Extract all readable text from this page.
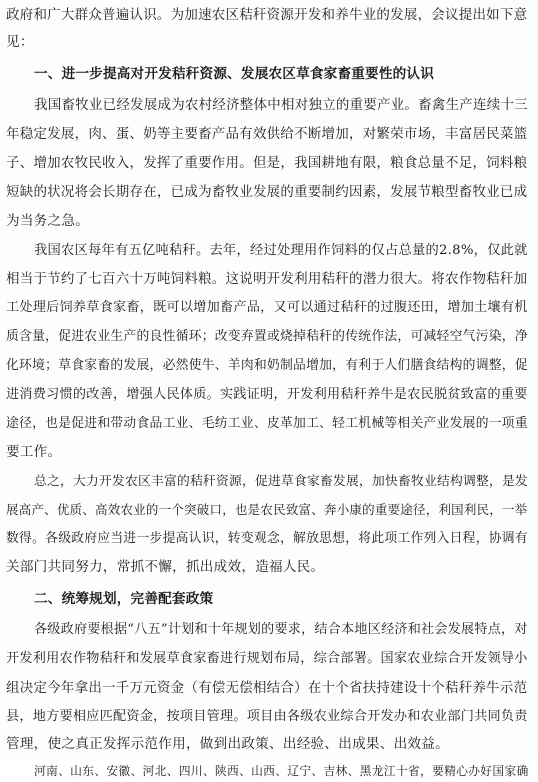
政府和广大群众普遍认识。为加速农区秸秆资源开发和养牛业的发展，会议提出如下意
见：
一、进一步提高对开发秸秆资源、发展农区草食家畜重要性的认识
我国畜牧业已经发展成为农村经济整体中相对独立的重要产业。畜禽生产连续十三
年稳定发展，肉、蛋、奶等主要畜产品有效供给不断增加，对繁荣市场，丰富居民菜篮
子、增加农牧民收入，发挥了重要作用。但是，我国耕地有限，粮食总量不足，饲料粮
短缺的状况将会长期存在，已成为畜牧业发展的重要制约因素，发展节粮型畜牧业已成
为当务之急。
我国农区每年有五亿吨秸秆。去年，经过处理用作饲料的仅占总量的2.8%，仅此就
相当于节约了七百六十万吨饲料粮。这说明开发利用秸秆的潜力很大。将农作物秸秆加
工处理后饲养草食家畜，既可以增加畜产品，又可以通过秸秆的过腹还田，增加土壤有机
质含量，促进农业生产的良性循环；改变弃置或烧掉秸秆的传统作法，可减轻空气污染，净
化环境；草食家畜的发展，必然使牛、羊肉和奶制品增加，有利于人们膳食结构的调整，促
进消费习惯的改善，增强人民体质。实践证明，开发利用秸秆养牛是农民脱贫致富的重要
途径，也是促进和带动食品工业、毛纺工业、皮革加工、轻工机械等相关产业发展的一项重
要工作。
总之，大力开发农区丰富的秸秆资源，促进草食家畜发展，加快畜牧业结构调整，是发
展高产、优质、高效农业的一个突破口，也是农民致富、奔小康的重要途径，利国利民，一举
数得。各级政府应当进一步提高认识，转变观念，解放思想，将此项工作列入日程，协调有
关部门共同努力，常抓不懈，抓出成效，造福人民。
二、统筹规划，完善配套政策
各级政府要根据“八五”计划和十年规划的要求，结合本地区经济和社会发展特点，对
开发利用农作物秸秆和发展草食家畜进行规划布局，综合部署。国家农业综合开发领导小
组决定今年拿出一千万元资金（有偿无偿相结合）在十个省扶持建设十个秸秆养牛示范
县，地方要相应匹配资金，按项目管理。项目由各级农业综合开发办和农业部门共同负责
管理，使之真正发挥示范作用，做到出政策、出经验、出成果、出效益。
河南、山东、安徽、河北、四川、陕西、山西、辽宁、吉林、黑龙江十省，要精心办好国家确
